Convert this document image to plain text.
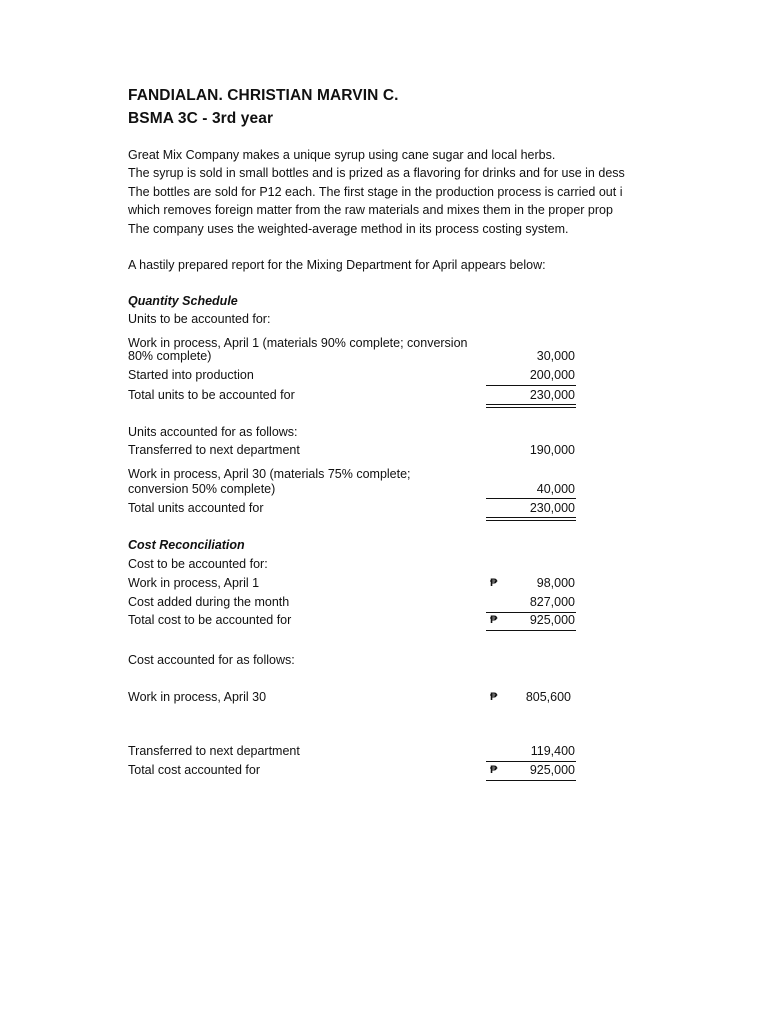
FANDIALAN. CHRISTIAN MARVIN C.
BSMA 3C - 3rd year
Great Mix Company makes a unique syrup using cane sugar and local herbs.
The syrup is sold in small bottles and is prized as a flavoring for drinks and for use in dess
The bottles are sold for P12 each. The first stage in the production process is carried out i
which removes foreign matter from the raw materials and mixes them in the proper prop
The company uses the weighted-average method in its process costing system.
A hastily prepared report for the Mixing Department for April appears below:
Quantity Schedule
Units to be accounted for:
Work in process, April 1 (materials 90% complete; conversion
80% complete)	30,000
Started into production	200,000
Total units to be accounted for	230,000
Units accounted for as follows:
Transferred to next department	190,000
Work in process, April 30 (materials 75% complete;
conversion 50% complete)	40,000
Total units accounted for	230,000
Cost Reconciliation
Cost to be accounted for:
Work in process, April 1	₱	98,000
Cost added during the month	827,000
Total cost to be accounted for	₱	925,000
Cost accounted for as follows:
Work in process, April 30	₱ 805,600
Transferred to next department	119,400
Total cost accounted for	₱	925,000
